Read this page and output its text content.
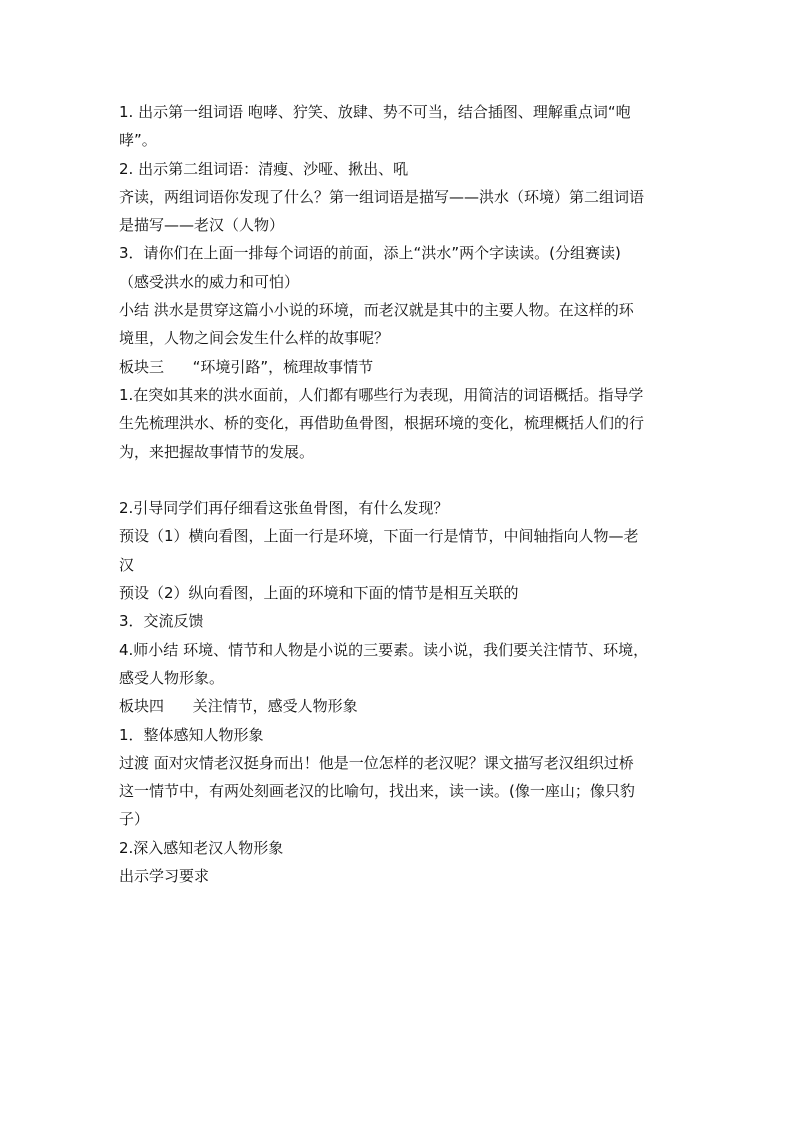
1. 出示第一组词语 咆哮、狞笑、放肆、势不可当，结合插图、理解重点词“咆

哮”。

2. 出示第二组词语：清瘦、沙哑、揪出、吼

齐读，两组词语你发现了什么？第一组词语是描写——洪水（环境）第二组词语

是描写——老汉（人物）

3．请你们在上面一排每个词语的前面，添上“洪水”两个字读读。(分组赛读)

（感受洪水的威力和可怕）

小结 洪水是贯穿这篇小小说的环境，而老汉就是其中的主要人物。在这样的环

境里，人物之间会发生什么样的故事呢？

板块三      “环境引路”，梳理故事情节

1.在突如其来的洪水面前，人们都有哪些行为表现，用简洁的词语概括。指导学

生先梳理洪水、桥的变化，再借助鱼骨图，根据环境的变化，梳理概括人们的行

为，来把握故事情节的发展。

2.引导同学们再仔细看这张鱼骨图，有什么发现？

预设（1）横向看图，上面一行是环境，下面一行是情节，中间轴指向人物—老

汉

预设（2）纵向看图，上面的环境和下面的情节是相互关联的

3．交流反馈

4.师小结 环境、情节和人物是小说的三要素。读小说，我们要关注情节、环境，

感受人物形象。

板块四      关注情节，感受人物形象

1．整体感知人物形象

过渡 面对灾情老汉挺身而出！他是一位怎样的老汉呢？课文描写老汉组织过桥

这一情节中，有两处刻画老汉的比喻句，找出来，读一读。(像一座山；像只豹

子）

2.深入感知老汉人物形象

出示学习要求
